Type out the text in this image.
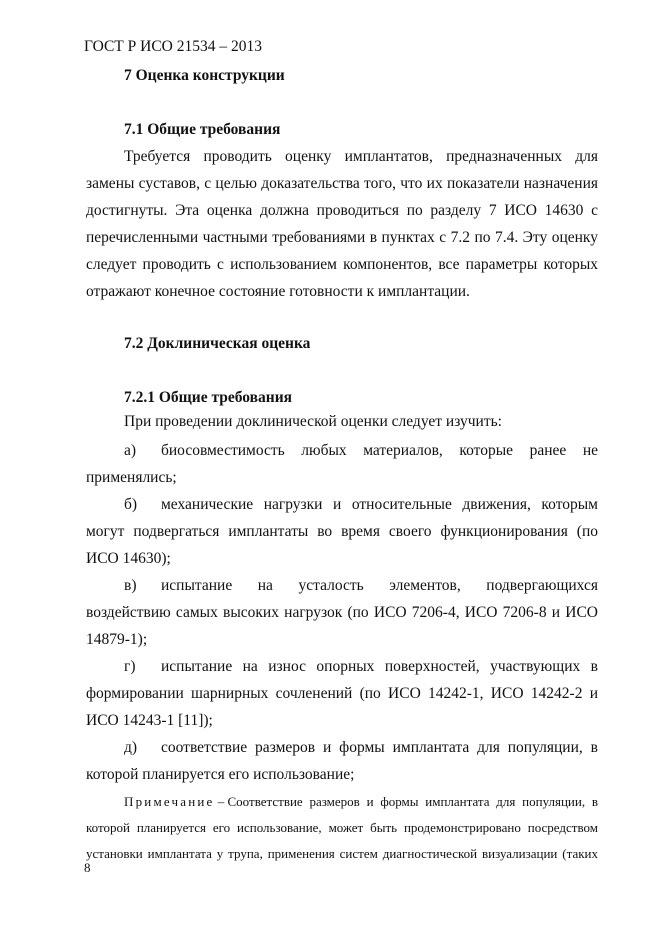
ГОСТ Р ИСО 21534 – 2013
7 Оценка конструкции
7.1 Общие требования
Требуется проводить оценку имплантатов, предназначенных для
замены суставов, с целью доказательства того, что их показатели назначения
достигнуты. Эта оценка должна проводиться по разделу 7 ИСО 14630 с
перечисленными частными требованиями в пунктах с 7.2 по 7.4. Эту оценку
следует проводить с использованием компонентов, все параметры которых
отражают конечное состояние готовности к имплантации.
7.2 Доклиническая оценка
7.2.1 Общие требования
При проведении доклинической оценки следует изучить:
а)	биосовместимость любых материалов, которые ранее не
применялись;
б)	механические нагрузки и относительные движения, которым
могут подвергаться имплантаты во время своего функционирования (по
ИСО 14630);
в)	испытание на усталость элементов, подвергающихся
воздействию самых высоких нагрузок (по ИСО 7206-4, ИСО 7206-8 и ИСО
14879-1);
г)	испытание на износ опорных поверхностей, участвующих в
формировании шарнирных сочленений (по ИСО 14242-1, ИСО 14242-2 и
ИСО 14243-1 [11]);
д)	соответствие размеров и формы имплантата для популяции, в
которой планируется его использование;
Примечание – Соответствие размеров и формы имплантата для популяции, в
которой планируется его использование, может быть продемонстрировано посредством
установки имплантата у трупа, применения систем диагностической визуализации (таких
8
